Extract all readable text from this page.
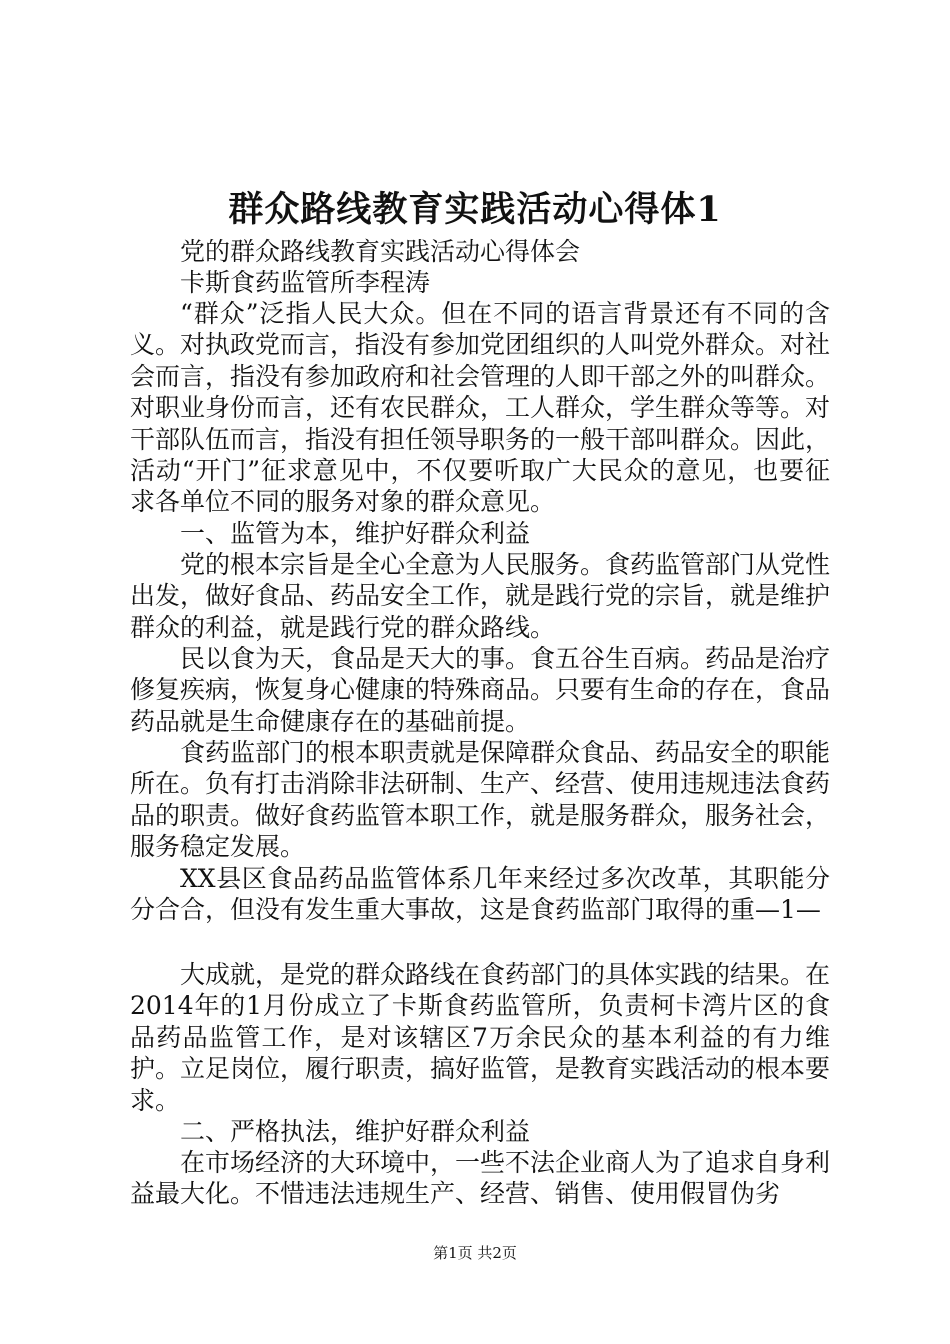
群众路线教育实践活动心得体1

党的群众路线教育实践活动心得体会

卡斯食药监管所李程涛

“群众”泛指人民大众。但在不同的语言背景还有不同的含义。对执政党而言，指没有参加党团组织的人叫党外群众。对社会而言，指没有参加政府和社会管理的人即干部之外的叫群众。对职业身份而言，还有农民群众，工人群众，学生群众等等。对干部队伍而言，指没有担任领导职务的一般干部叫群众。因此，活动“开门”征求意见中，不仅要听取广大民众的意见，也要征求各单位不同的服务对象的群众意见。

一、监管为本，维护好群众利益

党的根本宗旨是全心全意为人民服务。食药监管部门从党性出发，做好食品、药品安全工作，就是践行党的宗旨，就是维护群众的利益，就是践行党的群众路线。

民以食为天，食品是天大的事。食五谷生百病。药品是治疗修复疾病，恢复身心健康的特殊商品。只要有生命的存在，食品药品就是生命健康存在的基础前提。

食药监部门的根本职责就是保障群众食品、药品安全的职能所在。负有打击消除非法研制、生产、经营、使用违规违法食药品的职责。做好食药监管本职工作，就是服务群众，服务社会，服务稳定发展。

XX县区食品药品监管体系几年来经过多次改革，其职能分分合合，但没有发生重大事故，这是食药监部门取得的重—1—

大成就，是党的群众路线在食药部门的具体实践的结果。在2014年的1月份成立了卡斯食药监管所，负责柯卡湾片区的食品药品监管工作，是对该辖区7万余民众的基本利益的有力维护。立足岗位，履行职责，搞好监管，是教育实践活动的根本要求。

二、严格执法，维护好群众利益

在市场经济的大环境中，一些不法企业商人为了追求自身利益最大化。不惜违法违规生产、经营、销售、使用假冒伪劣

第1页 共2页
